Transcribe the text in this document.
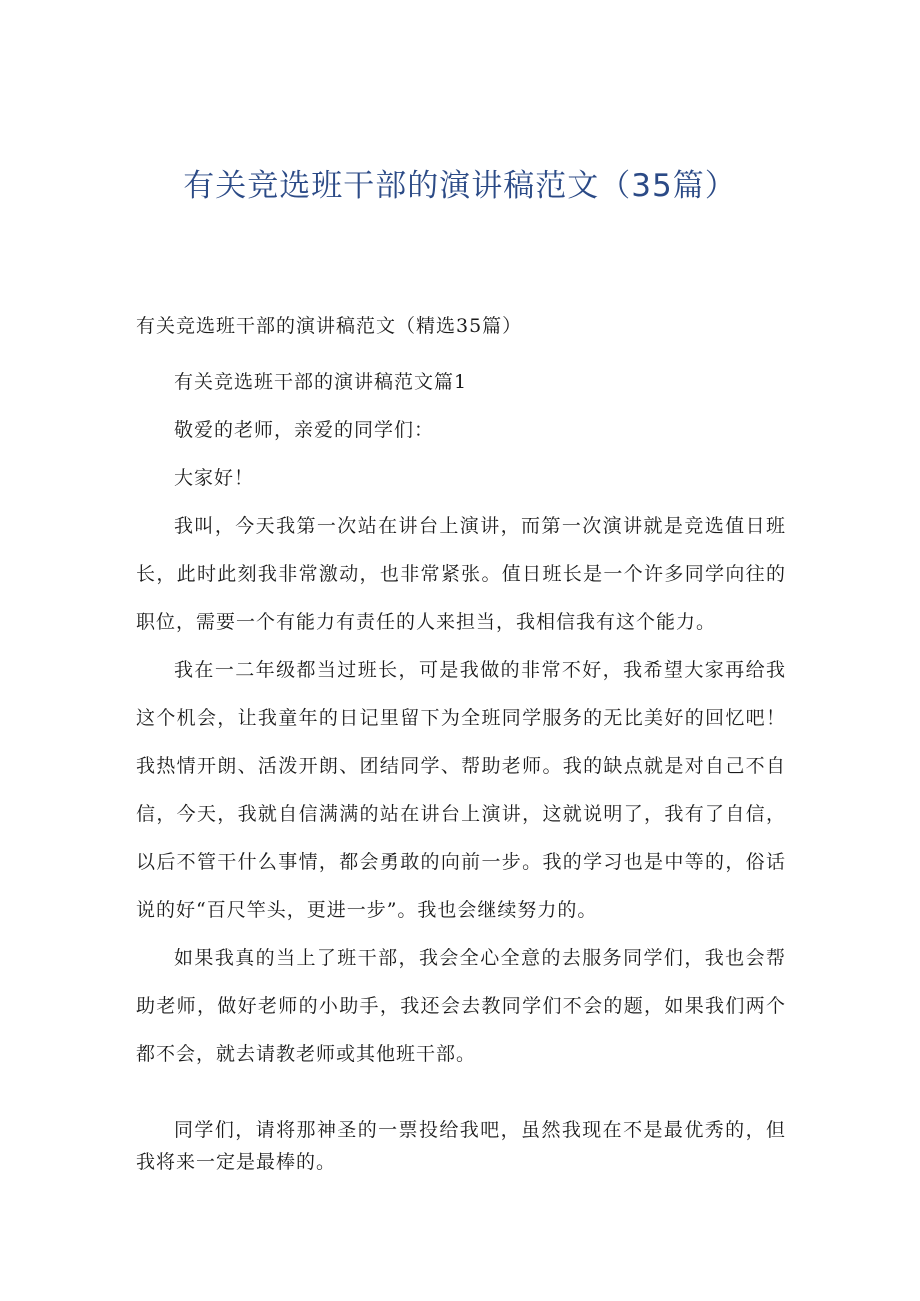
有关竞选班干部的演讲稿范文（35篇）

有关竞选班干部的演讲稿范文（精选35篇）

有关竞选班干部的演讲稿范文篇1

敬爱的老师，亲爱的同学们：

大家好！

我叫，今天我第一次站在讲台上演讲，而第一次演讲就是竞选值日班长，此时此刻我非常激动，也非常紧张。值日班长是一个许多同学向往的职位，需要一个有能力有责任的人来担当，我相信我有这个能力。

我在一二年级都当过班长，可是我做的非常不好，我希望大家再给我这个机会，让我童年的日记里留下为全班同学服务的无比美好的回忆吧！我热情开朗、活泼开朗、团结同学、帮助老师。我的缺点就是对自己不自信，今天，我就自信满满的站在讲台上演讲，这就说明了，我有了自信，以后不管干什么事情，都会勇敢的向前一步。我的学习也是中等的，俗话说的好“百尺竿头，更进一步”。我也会继续努力的。

如果我真的当上了班干部，我会全心全意的去服务同学们，我也会帮助老师，做好老师的小助手，我还会去教同学们不会的题，如果我们两个都不会，就去请教老师或其他班干部。

同学们，请将那神圣的一票投给我吧，虽然我现在不是最优秀的，但我将来一定是最棒的。
